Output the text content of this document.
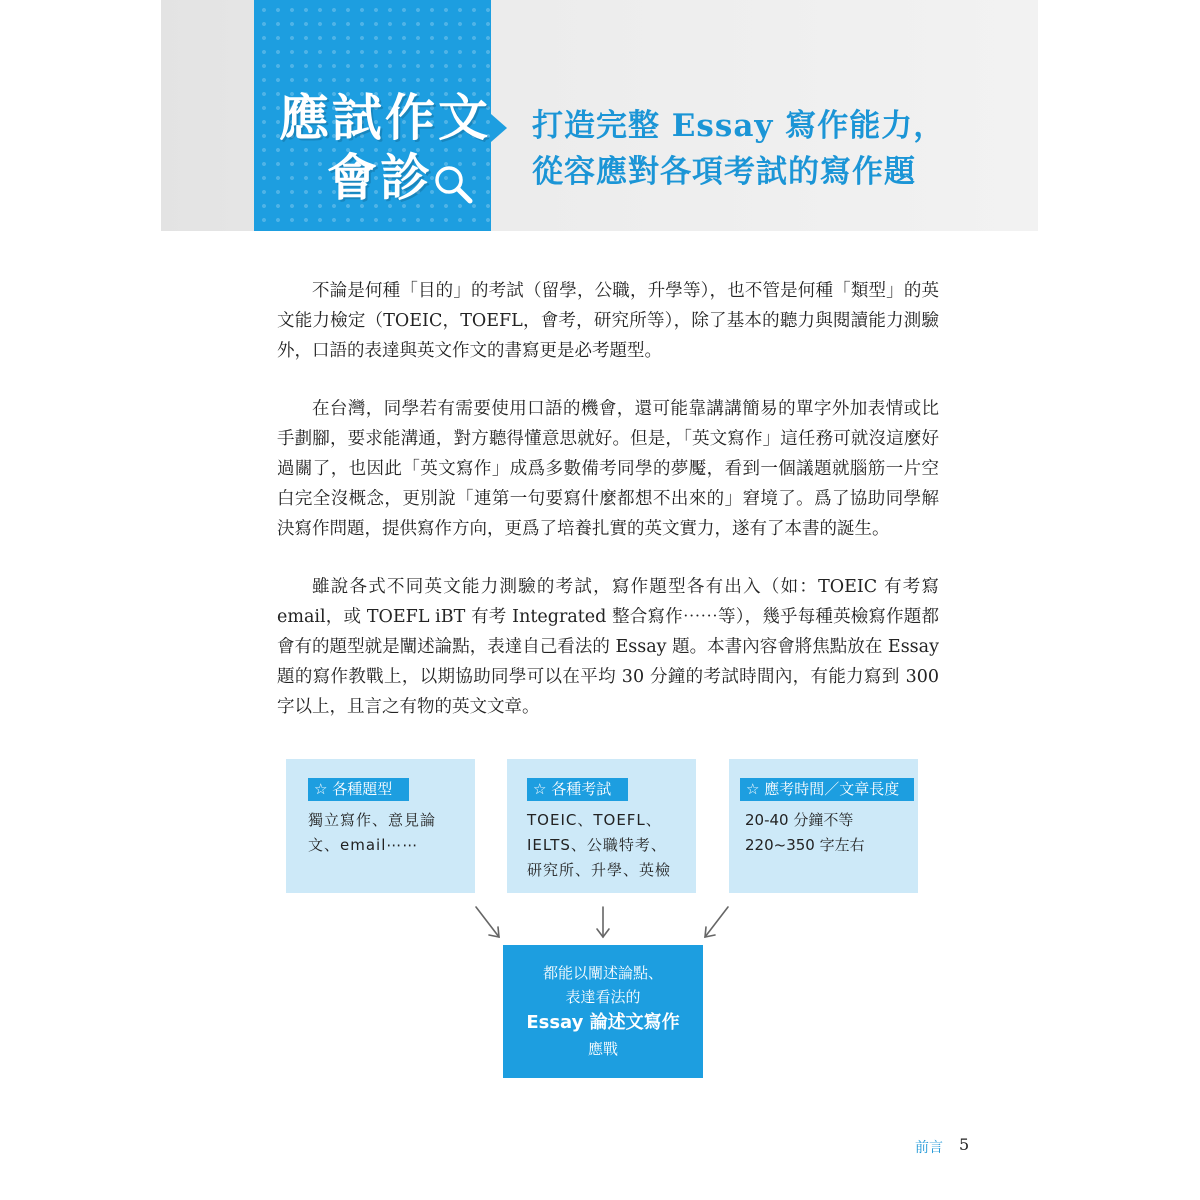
應試作文
會診
打造完整 Essay 寫作能力，
從容應對各項考試的寫作題

不論是何種「目的」的考試（留學，公職，升學等），也不管是何種「類型」的英文能力檢定（TOEIC，TOEFL，會考，研究所等），除了基本的聽力與閱讀能力測驗外，口語的表達與英文作文的書寫更是必考題型。

在台灣，同學若有需要使用口語的機會，還可能靠講講簡易的單字外加表情或比手劃腳，要求能溝通，對方聽得懂意思就好。但是，「英文寫作」這任務可就沒這麼好過關了，也因此「英文寫作」成爲多數備考同學的夢魘，看到一個議題就腦筋一片空白完全沒概念，更別說「連第一句要寫什麼都想不出來的」窘境了。爲了協助同學解決寫作問題，提供寫作方向，更爲了培養扎實的英文實力，遂有了本書的誕生。

雖說各式不同英文能力測驗的考試，寫作題型各有出入（如：TOEIC 有考寫 email，或 TOEFL iBT 有考 Integrated 整合寫作⋯⋯等），幾乎每種英檢寫作題都會有的題型就是闡述論點，表達自己看法的 Essay 題。本書內容會將焦點放在 Essay 題的寫作教戰上，以期協助同學可以在平均 30 分鐘的考試時間內，有能力寫到 300 字以上，且言之有物的英文文章。

☆ 各種題型
獨立寫作、意見論
文、email⋯⋯
☆ 各種考試
TOEIC、TOEFL、
IELTS、公職特考、
研究所、升學、英檢
☆ 應考時間／文章長度
20-40 分鐘不等
220~350 字左右
都能以闡述論點、
表達看法的
Essay 論述文寫作
應戰
前言 5
